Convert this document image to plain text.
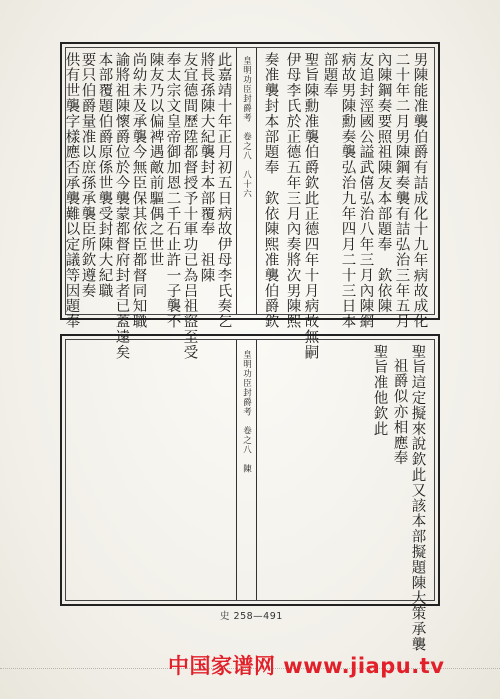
皇明功臣封爵考　卷之八　八十六	男陳能准襲伯爵有詰成化十九年病故成化
二十年二月男陳鋼奏襲有詰弘治三年五月
內陳鋼奏要照祖陳友本部題奉　欽依陳
友追封涇國公謚武僖弘治八年三月內陳網
病故男陳勳奏襲弘治九年四月二十三日本
部題奉
聖旨陳勳准襲伯爵欽此正德四年十月病故無嗣
伊母李氏於正德五年三月內奏將次男陳熙
奏准襲封本部題奉　欽依陳熙准襲伯爵欽
此嘉靖十年正月初五日病故伊母李氏奏乞
將長孫陳大紀襲封本部覆奉　祖陳
友宜德間歷陞都督授予十軍功已為吕祖盜至受
奉太宗文皇帝御加恩二千石止許一子襲不
陳友乃以偏裨遇敵前驅偶之世世
尚幼未及承襲今無臣保其依臣都督同知職
諭將祖陳懷爵位於今襲蒙都督府封者已蓋遠矣
本部覆題伯爵原係世襲受封陳大紀職
要只伯爵量准以庶孫承襲臣所欽遵奏
供有世襲字樣應否承襲難以定議等因題奉
皇明功臣封爵考　卷之八　陳	聖旨這定擬來說欽此又該本部擬題陳大策承襲
祖爵似亦相應奉
聖旨准他欽此
史 258—491
中国家谱网 www.jiapu.tv
